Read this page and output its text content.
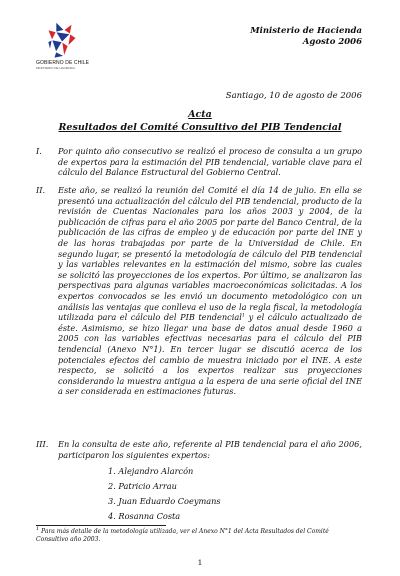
GOBIERNO DE CHILE
MINISTERIO DE HACIENDA
Ministerio de Hacienda
Agosto 2006
Santiago, 10 de agosto de 2006
Acta
Resultados del Comité Consultivo del PIB Tendencial
I.	Por quinto año consecutivo se realizó el proceso de consulta a un grupo de expertos para la estimación del PIB tendencial, variable clave para el cálculo del Balance Estructural del Gobierno Central.
II.	Este año, se realizó la reunión del Comité el día 14 de julio. En ella se presentó una actualización del cálculo del PIB tendencial, producto de la revisión de Cuentas Nacionales para los años 2003 y 2004, de la publicación de cifras para el año 2005 por parte del Banco Central, de la publicación de las cifras de empleo y de educación por parte del INE y de las horas trabajadas por parte de la Universidad de Chile. En segundo lugar, se presentó la metodología de cálculo del PIB tendencial y las variables relevantes en la estimación del mismo, sobre las cuales se solicitó las proyecciones de los expertos. Por último, se analizaron las perspectivas para algunas variables macroeconómicas solicitadas. A los expertos convocados se les envió un documento metodológico con un análisis las ventajas que conlleva el uso de la regla fiscal, la metodología utilizada para el cálculo del PIB tendencial$^1$ y el cálculo actualizado de éste. Asimismo, se hizo llegar una base de datos anual desde 1960 a 2005 con las variables efectivas necesarias para el cálculo del PIB tendencial (Anexo N°1). En tercer lugar se discutió acerca de los potenciales efectos del cambio de muestra iniciado por el INE. A este respecto, se solicitó a los expertos realizar sus proyecciones considerando la muestra antigua a la espera de una serie oficial del INE a ser considerada en estimaciones futuras.
III.	En la consulta de este año, referente al PIB tendencial para el año 2006, participaron los siguientes expertos:
1. Alejandro Alarcón
2. Patricio Arrau
3. Juan Eduardo Coeymans
4. Rosanna Costa
$^1$ Para más detalle de la metodología utilizada, ver el Anexo N°1 del Acta Resultados del Comité Consultivo año 2003.
1
